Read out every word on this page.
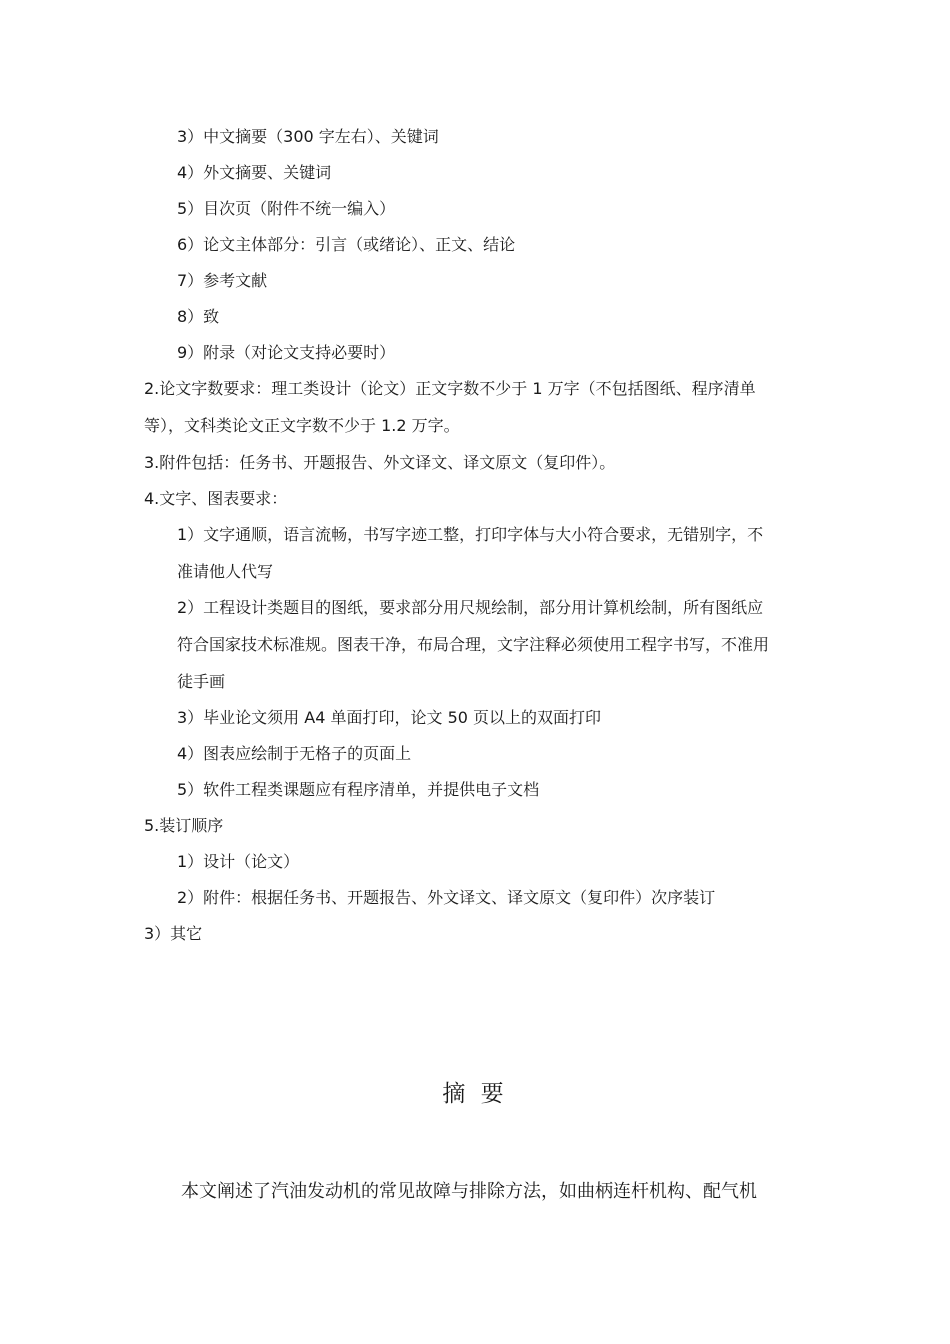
3）中文摘要（300 字左右）、关键词
4）外文摘要、关键词
5）目次页（附件不统一编入）
6）论文主体部分：引言（或绪论）、正文、结论
7）参考文献
8）致
9）附录（对论文支持必要时）
2.论文字数要求：理工类设计（论文）正文字数不少于 1 万字（不包括图纸、程序清单
等），文科类论文正文字数不少于 1.2 万字。
3.附件包括：任务书、开题报告、外文译文、译文原文（复印件）。
4.文字、图表要求：
1）文字通顺，语言流畅，书写字迹工整，打印字体与大小符合要求，无错别字，不
准请他人代写
2）工程设计类题目的图纸，要求部分用尺规绘制，部分用计算机绘制，所有图纸应
符合国家技术标准规。图表干净，布局合理，文字注释必须使用工程字书写，不准用
徒手画
3）毕业论文须用 A4 单面打印，论文 50 页以上的双面打印
4）图表应绘制于无格子的页面上
5）软件工程类课题应有程序清单，并提供电子文档
5.装订顺序
1）设计（论文）
2）附件：根据任务书、开题报告、外文译文、译文原文（复印件）次序装订
3）其它
摘 要
本文阐述了汽油发动机的常见故障与排除方法，如曲柄连杆机构、配气机
